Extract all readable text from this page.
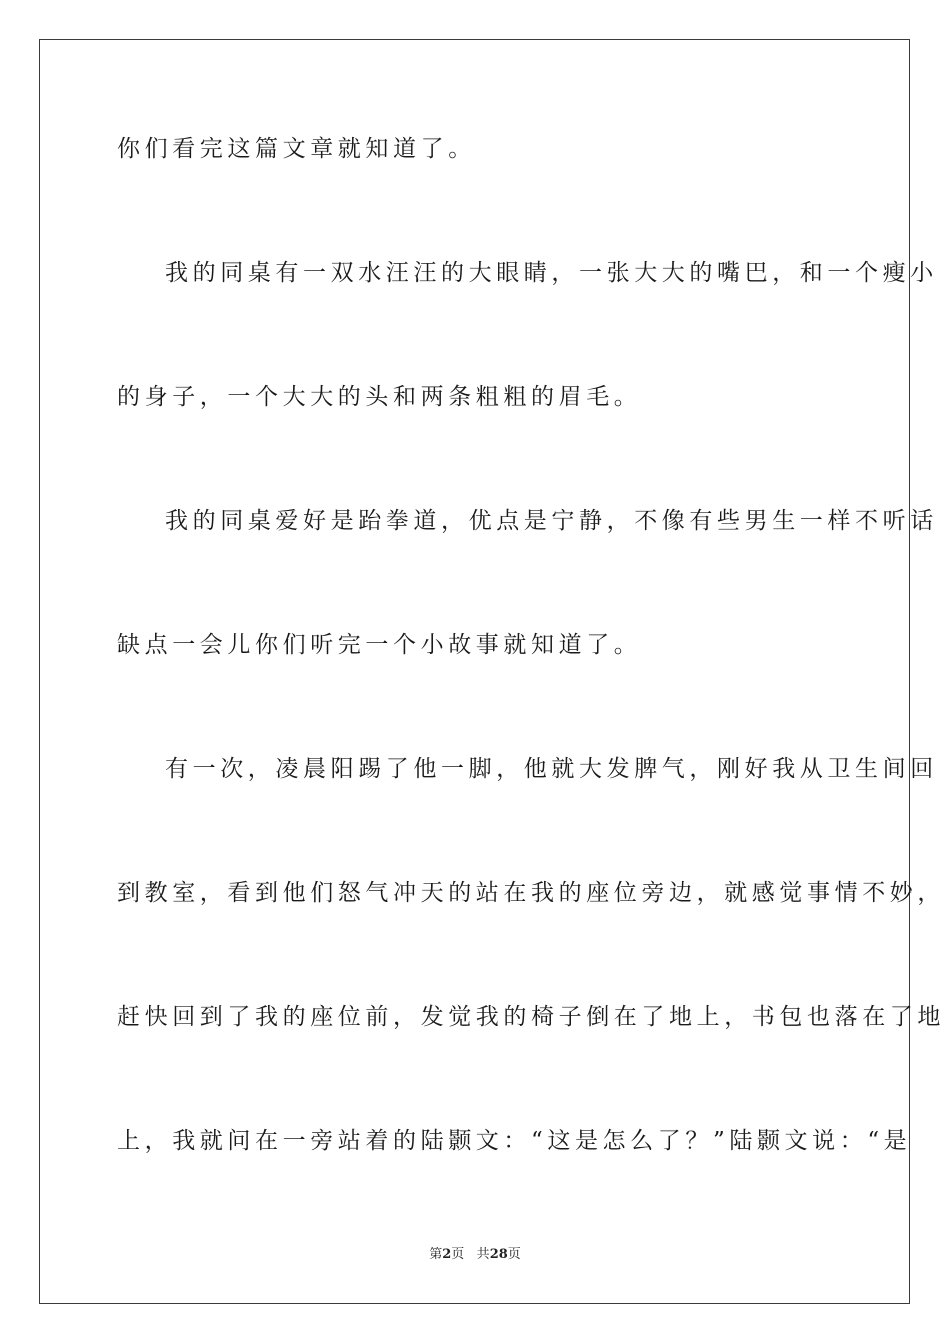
你们看完这篇文章就知道了。
我的同桌有一双水汪汪的大眼睛，一张大大的嘴巴，和一个瘦小
的身子，一个大大的头和两条粗粗的眉毛。
我的同桌爱好是跆拳道，优点是宁静，不像有些男生一样不听话
缺点一会儿你们听完一个小故事就知道了。
有一次，凌晨阳踢了他一脚，他就大发脾气，刚好我从卫生间回
到教室，看到他们怒气冲天的站在我的座位旁边，就感觉事情不妙，
赶快回到了我的座位前，发觉我的椅子倒在了地上，书包也落在了地
上，我就问在一旁站着的陆颢文：“这是怎么了？”陆颢文说：“是
第2页 共28页
